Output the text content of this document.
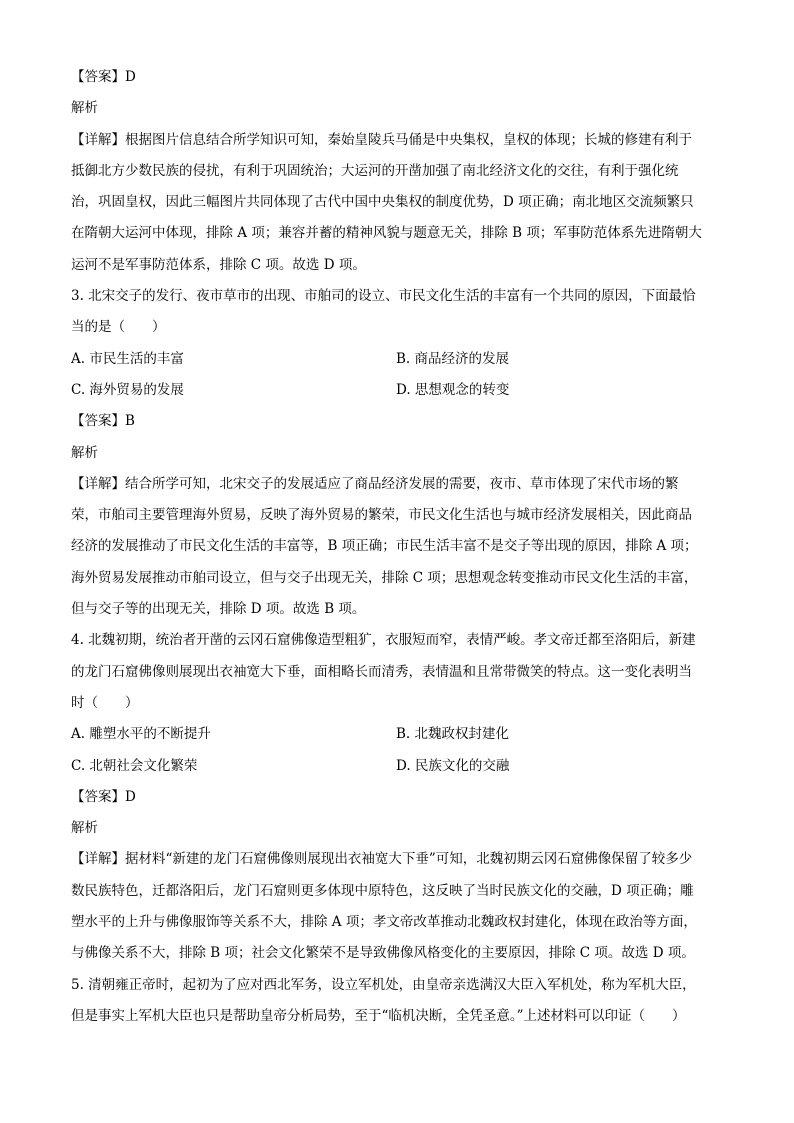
【答案】D
解析
【详解】根据图片信息结合所学知识可知，秦始皇陵兵马俑是中央集权，皇权的体现；长城的修建有利于
抵御北方少数民族的侵扰，有利于巩固统治；大运河的开凿加强了南北经济文化的交往，有利于强化统
治，巩固皇权，因此三幅图片共同体现了古代中国中央集权的制度优势，D 项正确；南北地区交流频繁只
在隋朝大运河中体现，排除 A 项；兼容并蓄的精神风貌与题意无关，排除 B 项；军事防范体系先进隋朝大
运河不是军事防范体系，排除 C 项。故选 D 项。
3. 北宋交子的发行、夜市草市的出现、市舶司的设立、市民文化生活的丰富有一个共同的原因，下面最恰
当的是（　　）
A. 市民生活的丰富	B. 商品经济的发展
C. 海外贸易的发展	D. 思想观念的转变
【答案】B
解析
【详解】结合所学可知，北宋交子的发展适应了商品经济发展的需要，夜市、草市体现了宋代市场的繁
荣，市舶司主要管理海外贸易，反映了海外贸易的繁荣，市民文化生活也与城市经济发展相关，因此商品
经济的发展推动了市民文化生活的丰富等，B 项正确；市民生活丰富不是交子等出现的原因，排除 A 项；
海外贸易发展推动市舶司设立，但与交子出现无关，排除 C 项；思想观念转变推动市民文化生活的丰富，
但与交子等的出现无关，排除 D 项。故选 B 项。
4. 北魏初期，统治者开凿的云冈石窟佛像造型粗犷，衣服短而窄，表情严峻。孝文帝迁都至洛阳后，新建
的龙门石窟佛像则展现出衣袖宽大下垂，面相略长而清秀，表情温和且常带微笑的特点。这一变化表明当
时（　　）
A. 雕塑水平的不断提升	B. 北魏政权封建化
C. 北朝社会文化繁荣	D. 民族文化的交融
【答案】D
解析
【详解】据材料“新建的龙门石窟佛像则展现出衣袖宽大下垂”可知，北魏初期云冈石窟佛像保留了较多少
数民族特色，迁都洛阳后，龙门石窟则更多体现中原特色，这反映了当时民族文化的交融，D 项正确；雕
塑水平的上升与佛像服饰等关系不大，排除 A 项；孝文帝改革推动北魏政权封建化，体现在政治等方面，
与佛像关系不大，排除 B 项；社会文化繁荣不是导致佛像风格变化的主要原因，排除 C 项。故选 D 项。
5. 清朝雍正帝时，起初为了应对西北军务，设立军机处，由皇帝亲选满汉大臣入军机处，称为军机大臣，
但是事实上军机大臣也只是帮助皇帝分析局势，至于“临机决断，全凭圣意。”上述材料可以印证（　　）
